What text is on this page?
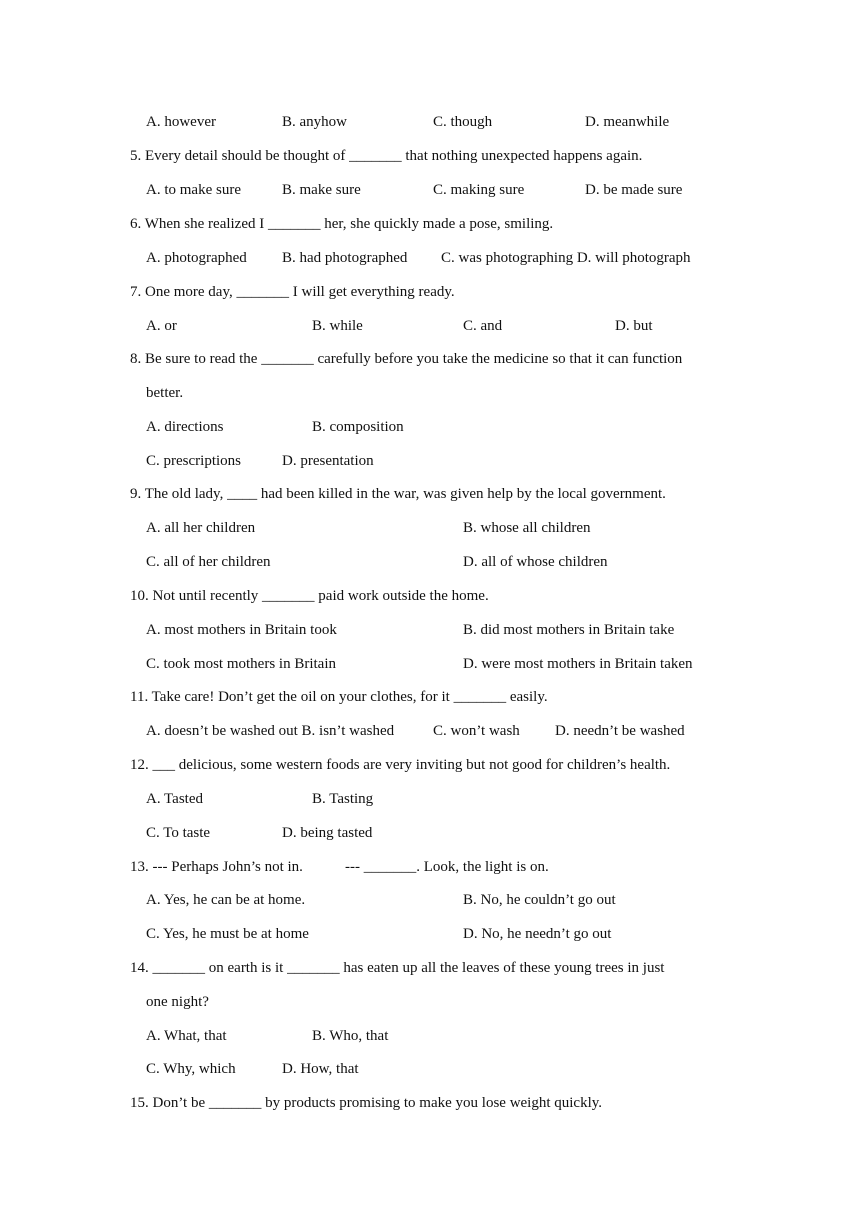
A. however	B. anyhow	C. though	D. meanwhile
5. Every detail should be thought of _______ that nothing unexpected happens again.
A. to make sure	B. make sure	C. making sure	D. be made sure
6. When she realized I _______ her, she quickly made a pose, smiling.
A. photographed B. had photographed C. was photographing D. will photograph
7. One more day, _______ I will get everything ready.
A. or	B. while	C. and	D. but
8. Be sure to read the _______ carefully before you take the medicine so that it can function
better.
A. directions	B. composition
C. prescriptions	D. presentation
9. The old lady, ____ had been killed in the war, was given help by the local government.
A. all her children	B. whose all children
C. all of her children	D. all of whose children
10. Not until recently _______ paid work outside the home.
A. most mothers in Britain took	B. did most mothers in Britain take
C. took most mothers in Britain	D. were most mothers in Britain taken
11. Take care! Don’t get the oil on your clothes, for it _______ easily.
A. doesn’t be washed out B. isn’t washed	C. won’t wash D. needn’t be washed
12. ___ delicious, some western foods are very inviting but not good for children’s health.
A. Tasted	B. Tasting
C. To taste	D. being tasted
13. --- Perhaps John’s not in.	--- _______. Look, the light is on.
A. Yes, he can be at home.	B. No, he couldn’t go out
C. Yes, he must be at home	D. No, he needn’t go out
14. _______ on earth is it _______ has eaten up all the leaves of these young trees in just
one night?
A. What, that	B. Who, that
C. Why, which	D. How, that
15. Don’t be _______ by products promising to make you lose weight quickly.
